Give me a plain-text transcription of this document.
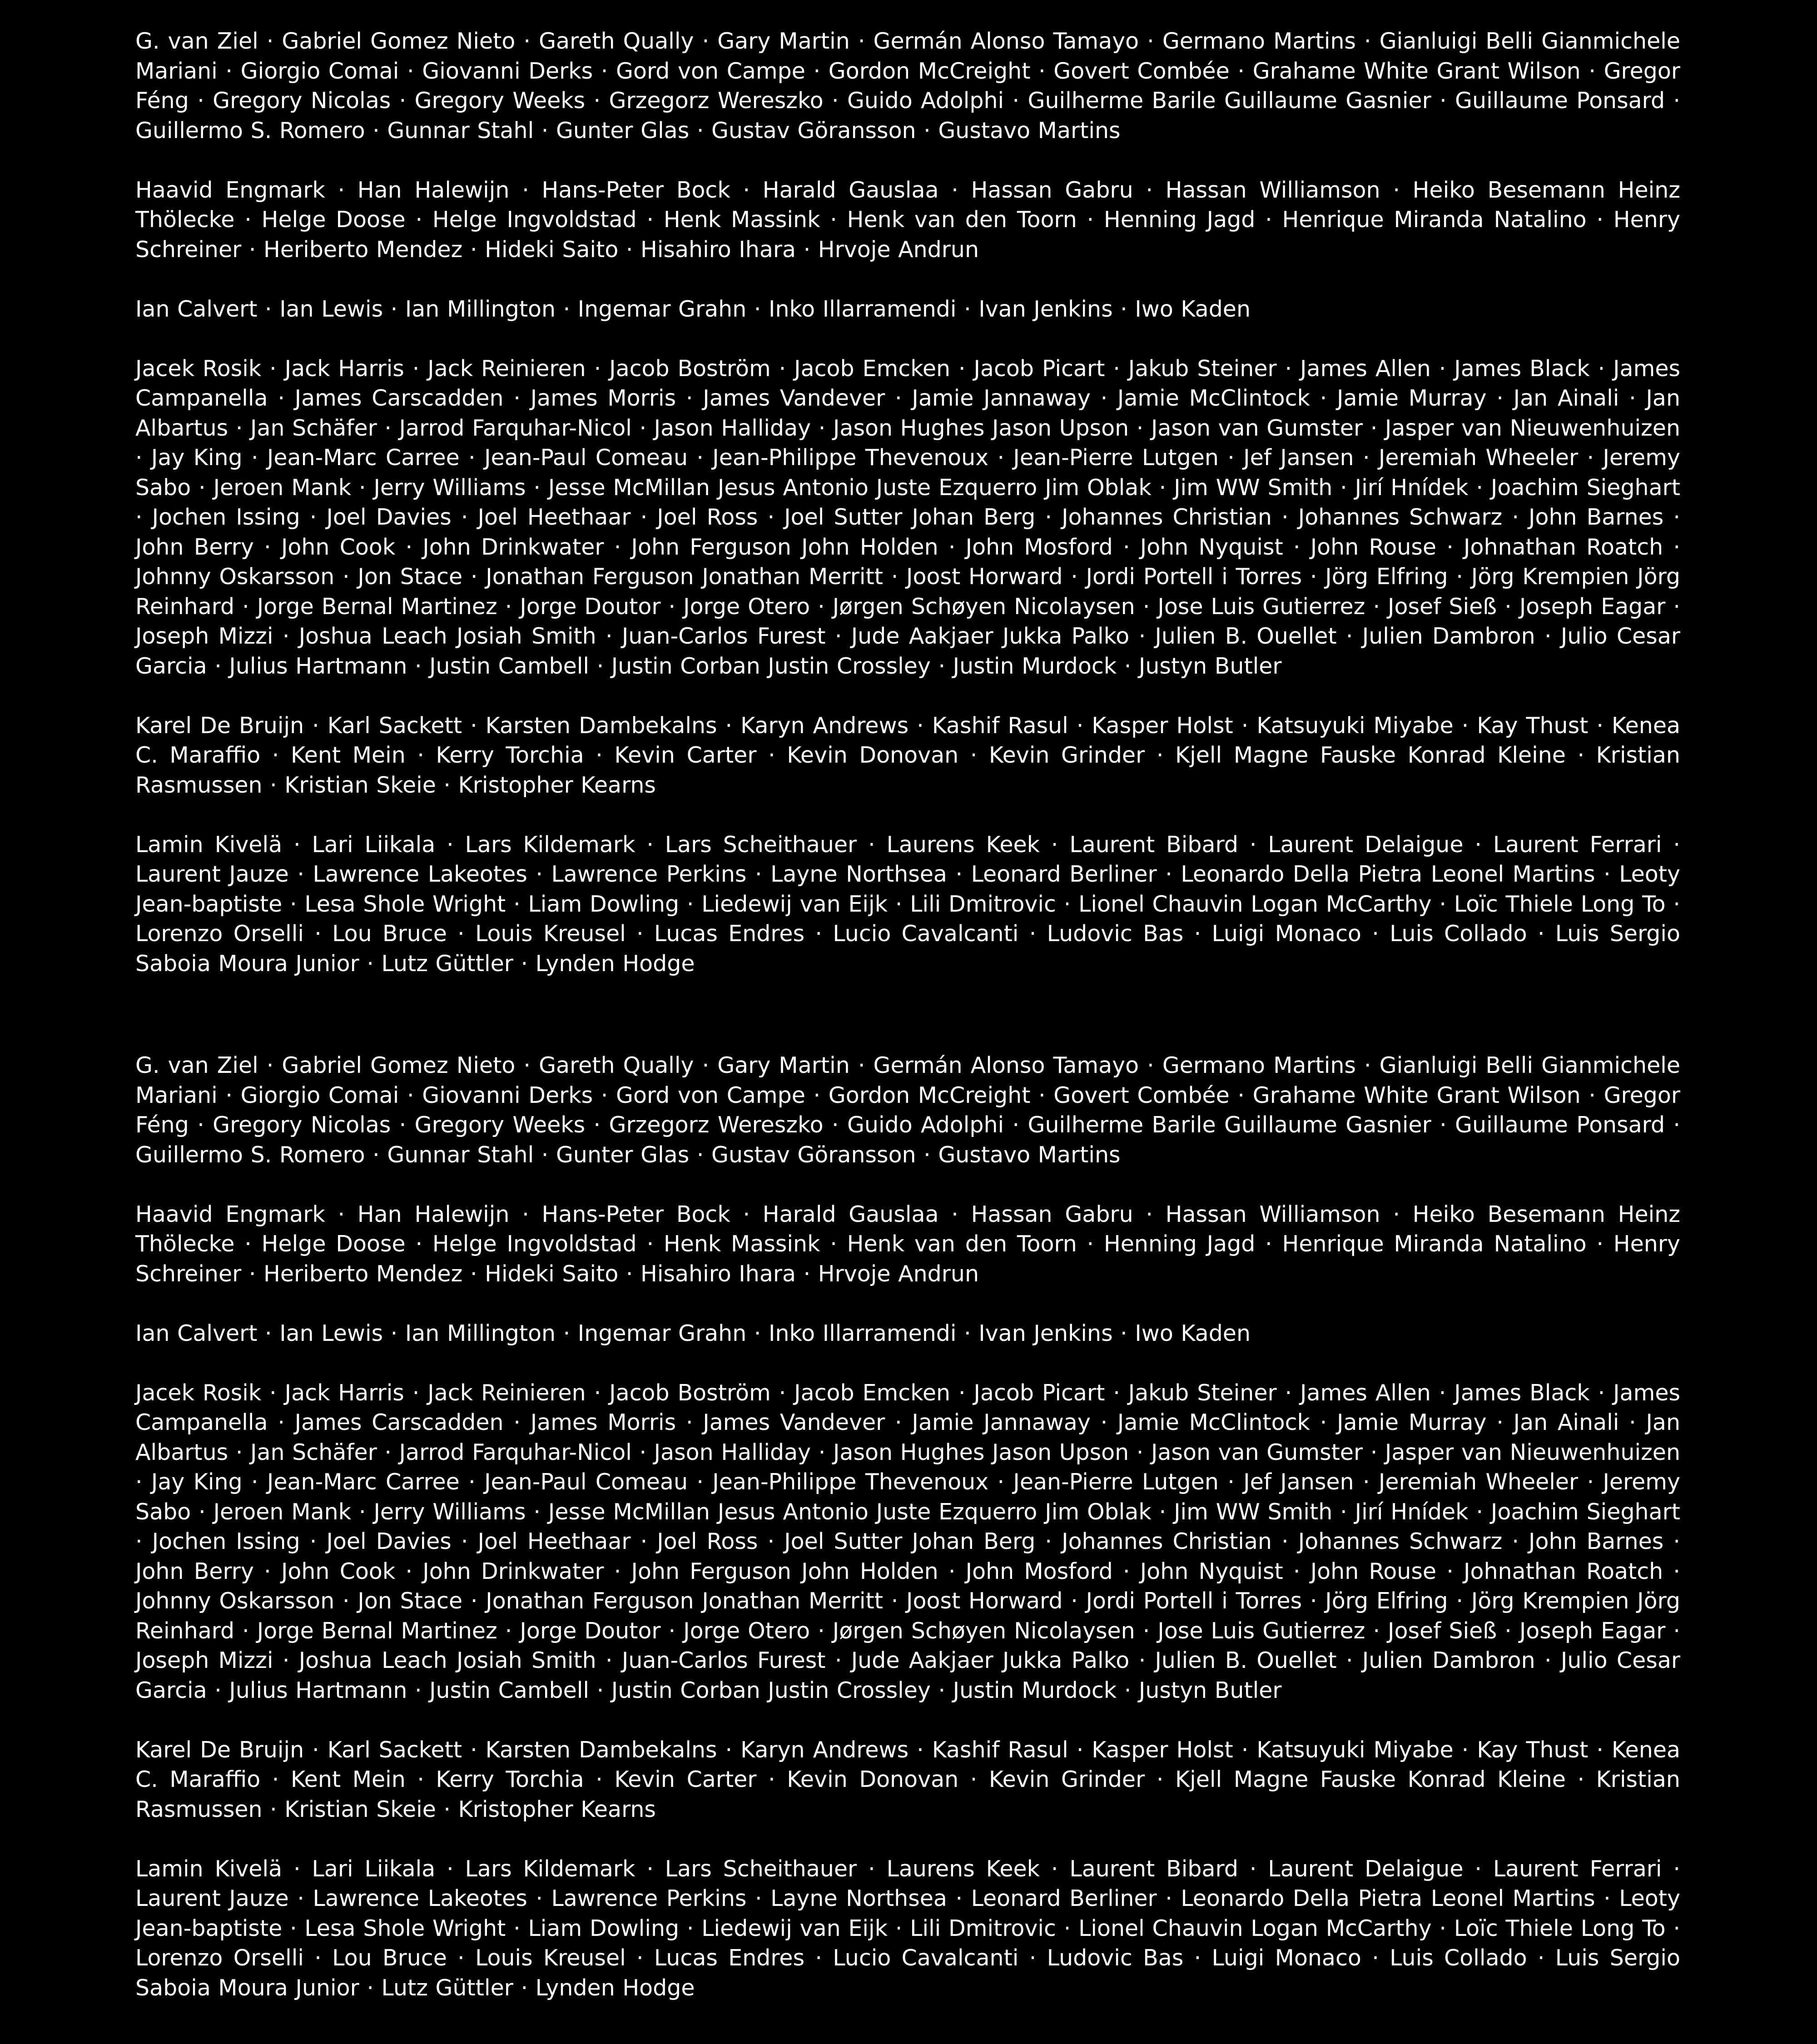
G. van Ziel · Gabriel Gomez Nieto · Gareth Qually · Gary Martin · Germán Alonso Tamayo · Germano Martins · Gianluigi Belli Gianmichele Mariani · Giorgio Comai · Giovanni Derks · Gord von Campe · Gordon McCreight · Govert Combée · Grahame White Grant Wilson · Gregor Féng · Gregory Nicolas · Gregory Weeks · Grzegorz Wereszko · Guido Adolphi · Guilherme Barile Guillaume Gasnier · Guillaume Ponsard · Guillermo S. Romero · Gunnar Stahl · Gunter Glas · Gustav Göransson · Gustavo Martins

Haavid Engmark · Han Halewijn · Hans-Peter Bock · Harald Gauslaa · Hassan Gabru · Hassan Williamson · Heiko Besemann Heinz Thölecke · Helge Doose · Helge Ingvoldstad · Henk Massink · Henk van den Toorn · Henning Jagd · Henrique Miranda Natalino · Henry Schreiner · Heriberto Mendez · Hideki Saito · Hisahiro Ihara · Hrvoje Andrun

Ian Calvert · Ian Lewis · Ian Millington · Ingemar Grahn · Inko Illarramendi · Ivan Jenkins · Iwo Kaden

Jacek Rosik · Jack Harris · Jack Reinieren · Jacob Boström · Jacob Emcken · Jacob Picart · Jakub Steiner · James Allen · James Black · James Campanella · James Carscadden · James Morris · James Vandever · Jamie Jannaway · Jamie McClintock · Jamie Murray · Jan Ainali · Jan Albartus · Jan Schäfer · Jarrod Farquhar-Nicol · Jason Halliday · Jason Hughes Jason Upson · Jason van Gumster · Jasper van Nieuwenhuizen · Jay King · Jean-Marc Carree · Jean-Paul Comeau · Jean-Philippe Thevenoux · Jean-Pierre Lutgen · Jef Jansen · Jeremiah Wheeler · Jeremy Sabo · Jeroen Mank · Jerry Williams · Jesse McMillan Jesus Antonio Juste Ezquerro Jim Oblak · Jim WW Smith · Jirí Hnídek · Joachim Sieghart · Jochen Issing · Joel Davies · Joel Heethaar · Joel Ross · Joel Sutter Johan Berg · Johannes Christian · Johannes Schwarz · John Barnes · John Berry · John Cook · John Drinkwater · John Ferguson John Holden · John Mosford · John Nyquist · John Rouse · Johnathan Roatch · Johnny Oskarsson · Jon Stace · Jonathan Ferguson Jonathan Merritt · Joost Horward · Jordi Portell i Torres · Jörg Elfring · Jörg Krempien Jörg Reinhard · Jorge Bernal Martinez · Jorge Doutor · Jorge Otero · Jørgen Schøyen Nicolaysen · Jose Luis Gutierrez · Josef Sieß · Joseph Eagar · Joseph Mizzi · Joshua Leach Josiah Smith · Juan-Carlos Furest · Jude Aakjaer Jukka Palko · Julien B. Ouellet · Julien Dambron · Julio Cesar Garcia · Julius Hartmann · Justin Cambell · Justin Corban Justin Crossley · Justin Murdock · Justyn Butler

Karel De Bruijn · Karl Sackett · Karsten Dambekalns · Karyn Andrews · Kashif Rasul · Kasper Holst · Katsuyuki Miyabe · Kay Thust · Kenea C. Maraffio · Kent Mein · Kerry Torchia · Kevin Carter · Kevin Donovan · Kevin Grinder · Kjell Magne Fauske Konrad Kleine · Kristian Rasmussen · Kristian Skeie · Kristopher Kearns

Lamin Kivelä · Lari Liikala · Lars Kildemark · Lars Scheithauer · Laurens Keek · Laurent Bibard · Laurent Delaigue · Laurent Ferrari · Laurent Jauze · Lawrence Lakeotes · Lawrence Perkins · Layne Northsea · Leonard Berliner · Leonardo Della Pietra Leonel Martins · Leoty Jean-baptiste · Lesa Shole Wright · Liam Dowling · Liedewij van Eijk · Lili Dmitrovic · Lionel Chauvin Logan McCarthy · Loïc Thiele Long To · Lorenzo Orselli · Lou Bruce · Louis Kreusel · Lucas Endres · Lucio Cavalcanti · Ludovic Bas · Luigi Monaco · Luis Collado · Luis Sergio Saboia Moura Junior · Lutz Güttler · Lynden Hodge

G. van Ziel · Gabriel Gomez Nieto · Gareth Qually · Gary Martin · Germán Alonso Tamayo · Germano Martins · Gianluigi Belli Gianmichele Mariani · Giorgio Comai · Giovanni Derks · Gord von Campe · Gordon McCreight · Govert Combée · Grahame White Grant Wilson · Gregor Féng · Gregory Nicolas · Gregory Weeks · Grzegorz Wereszko · Guido Adolphi · Guilherme Barile Guillaume Gasnier · Guillaume Ponsard · Guillermo S. Romero · Gunnar Stahl · Gunter Glas · Gustav Göransson · Gustavo Martins

Haavid Engmark · Han Halewijn · Hans-Peter Bock · Harald Gauslaa · Hassan Gabru · Hassan Williamson · Heiko Besemann Heinz Thölecke · Helge Doose · Helge Ingvoldstad · Henk Massink · Henk van den Toorn · Henning Jagd · Henrique Miranda Natalino · Henry Schreiner · Heriberto Mendez · Hideki Saito · Hisahiro Ihara · Hrvoje Andrun

Ian Calvert · Ian Lewis · Ian Millington · Ingemar Grahn · Inko Illarramendi · Ivan Jenkins · Iwo Kaden

Jacek Rosik · Jack Harris · Jack Reinieren · Jacob Boström · Jacob Emcken · Jacob Picart · Jakub Steiner · James Allen · James Black · James Campanella · James Carscadden · James Morris · James Vandever · Jamie Jannaway · Jamie McClintock · Jamie Murray · Jan Ainali · Jan Albartus · Jan Schäfer · Jarrod Farquhar-Nicol · Jason Halliday · Jason Hughes Jason Upson · Jason van Gumster · Jasper van Nieuwenhuizen · Jay King · Jean-Marc Carree · Jean-Paul Comeau · Jean-Philippe Thevenoux · Jean-Pierre Lutgen · Jef Jansen · Jeremiah Wheeler · Jeremy Sabo · Jeroen Mank · Jerry Williams · Jesse McMillan Jesus Antonio Juste Ezquerro Jim Oblak · Jim WW Smith · Jirí Hnídek · Joachim Sieghart · Jochen Issing · Joel Davies · Joel Heethaar · Joel Ross · Joel Sutter Johan Berg · Johannes Christian · Johannes Schwarz · John Barnes · John Berry · John Cook · John Drinkwater · John Ferguson John Holden · John Mosford · John Nyquist · John Rouse · Johnathan Roatch · Johnny Oskarsson · Jon Stace · Jonathan Ferguson Jonathan Merritt · Joost Horward · Jordi Portell i Torres · Jörg Elfring · Jörg Krempien Jörg Reinhard · Jorge Bernal Martinez · Jorge Doutor · Jorge Otero · Jørgen Schøyen Nicolaysen · Jose Luis Gutierrez · Josef Sieß · Joseph Eagar · Joseph Mizzi · Joshua Leach Josiah Smith · Juan-Carlos Furest · Jude Aakjaer Jukka Palko · Julien B. Ouellet · Julien Dambron · Julio Cesar Garcia · Julius Hartmann · Justin Cambell · Justin Corban Justin Crossley · Justin Murdock · Justyn Butler

Karel De Bruijn · Karl Sackett · Karsten Dambekalns · Karyn Andrews · Kashif Rasul · Kasper Holst · Katsuyuki Miyabe · Kay Thust · Kenea C. Maraffio · Kent Mein · Kerry Torchia · Kevin Carter · Kevin Donovan · Kevin Grinder · Kjell Magne Fauske Konrad Kleine · Kristian Rasmussen · Kristian Skeie · Kristopher Kearns

Lamin Kivelä · Lari Liikala · Lars Kildemark · Lars Scheithauer · Laurens Keek · Laurent Bibard · Laurent Delaigue · Laurent Ferrari · Laurent Jauze · Lawrence Lakeotes · Lawrence Perkins · Layne Northsea · Leonard Berliner · Leonardo Della Pietra Leonel Martins · Leoty Jean-baptiste · Lesa Shole Wright · Liam Dowling · Liedewij van Eijk · Lili Dmitrovic · Lionel Chauvin Logan McCarthy · Loïc Thiele Long To · Lorenzo Orselli · Lou Bruce · Louis Kreusel · Lucas Endres · Lucio Cavalcanti · Ludovic Bas · Luigi Monaco · Luis Collado · Luis Sergio Saboia Moura Junior · Lutz Güttler · Lynden Hodge
